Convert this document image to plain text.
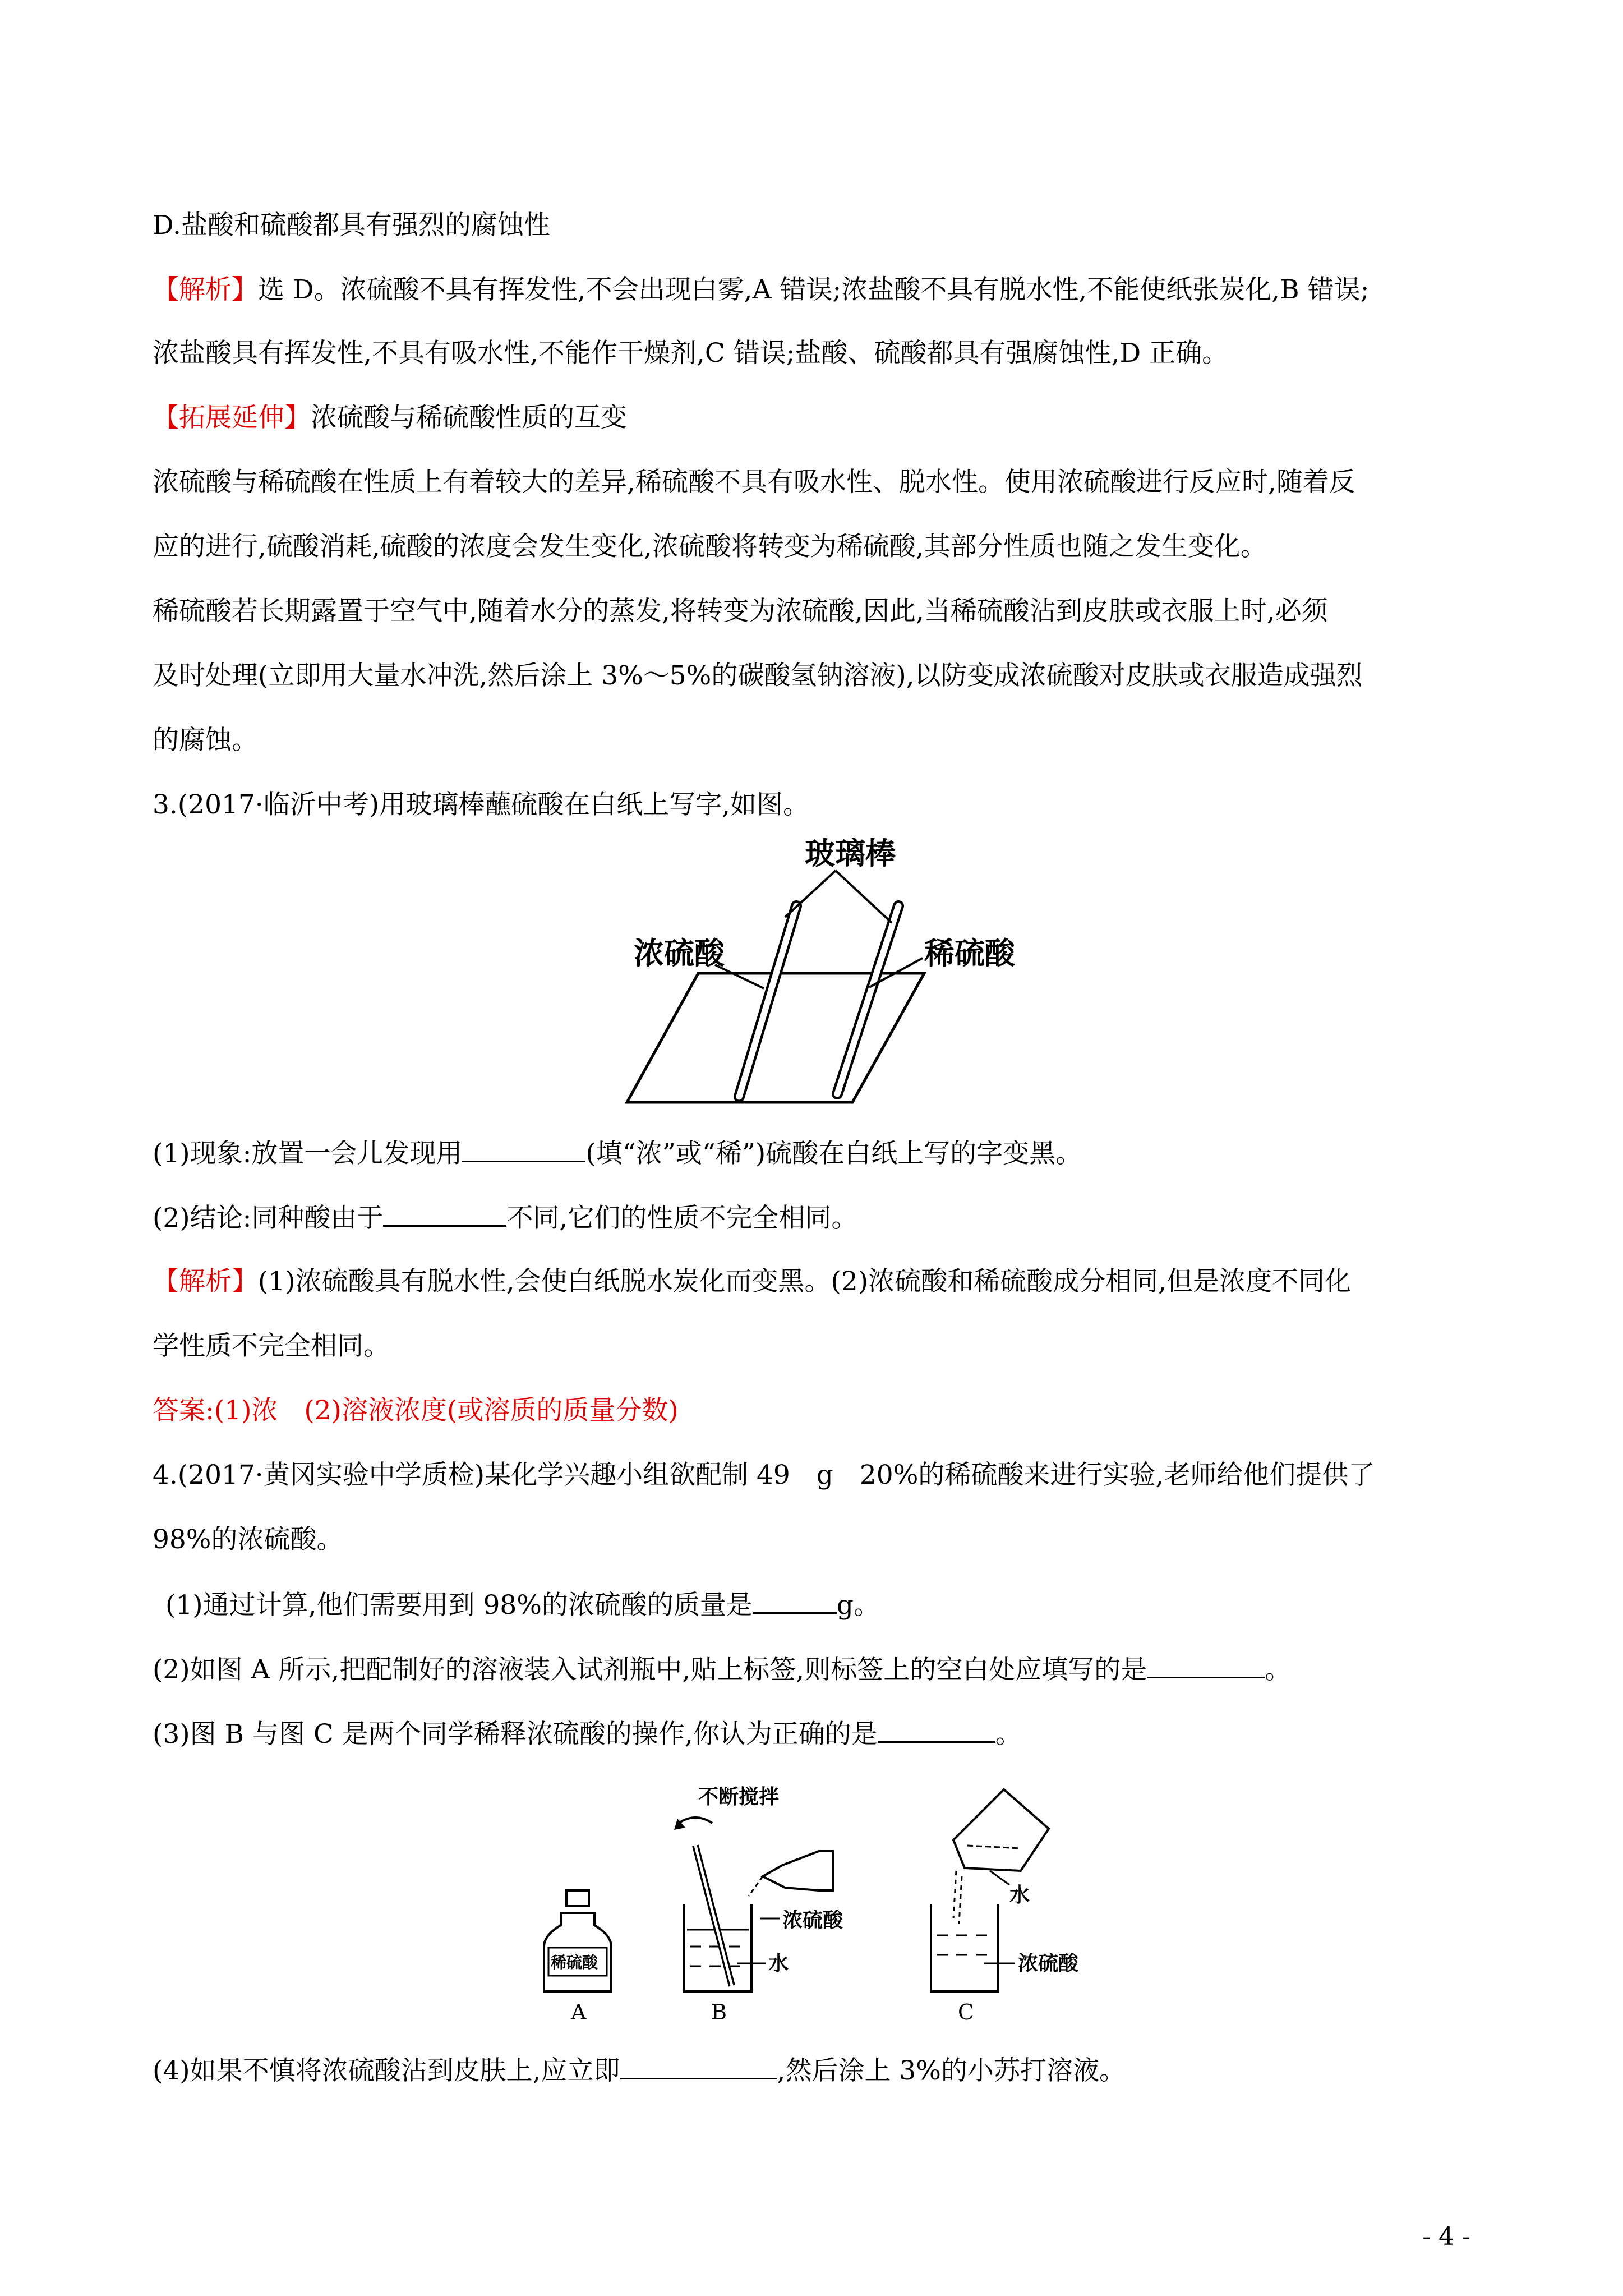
D.盐酸和硫酸都具有强烈的腐蚀性
【解析】选 D。浓硫酸不具有挥发性,不会出现白雾,A 错误;浓盐酸不具有脱水性,不能使纸张炭化,B 错误;
浓盐酸具有挥发性,不具有吸水性,不能作干燥剂,C 错误;盐酸、硫酸都具有强腐蚀性,D 正确。
【拓展延伸】浓硫酸与稀硫酸性质的互变
浓硫酸与稀硫酸在性质上有着较大的差异,稀硫酸不具有吸水性、脱水性。使用浓硫酸进行反应时,随着反
应的进行,硫酸消耗,硫酸的浓度会发生变化,浓硫酸将转变为稀硫酸,其部分性质也随之发生变化。
稀硫酸若长期露置于空气中,随着水分的蒸发,将转变为浓硫酸,因此,当稀硫酸沾到皮肤或衣服上时,必须
及时处理(立即用大量水冲洗,然后涂上 3%～5%的碳酸氢钠溶液),以防变成浓硫酸对皮肤或衣服造成强烈
的腐蚀。
3.(2017·临沂中考)用玻璃棒蘸硫酸在白纸上写字,如图。
玻璃棒
浓硫酸	稀硫酸
(1)现象:放置一会儿发现用	(填“浓”或“稀”)硫酸在白纸上写的字变黑。
(2)结论:同种酸由于	不同,它们的性质不完全相同。
【解析】(1)浓硫酸具有脱水性,会使白纸脱水炭化而变黑。(2)浓硫酸和稀硫酸成分相同,但是浓度不同化
学性质不完全相同。
答案:(1)浓　(2)溶液浓度(或溶质的质量分数)
4.(2017·黄冈实验中学质检)某化学兴趣小组欲配制 49　g　20%的稀硫酸来进行实验,老师给他们提供了
98%的浓硫酸。
(1)通过计算,他们需要用到 98%的浓硫酸的质量是	g。
(2)如图 A 所示,把配制好的溶液装入试剂瓶中,贴上标签,则标签上的空白处应填写的是	。
(3)图 B 与图 C 是两个同学稀释浓硫酸的操作,你认为正确的是	。
稀硫酸
不断搅拌
浓硫酸
水
水
浓硫酸
A	B	C
(4)如果不慎将浓硫酸沾到皮肤上,应立即	,然后涂上 3%的小苏打溶液。
- 4 -
